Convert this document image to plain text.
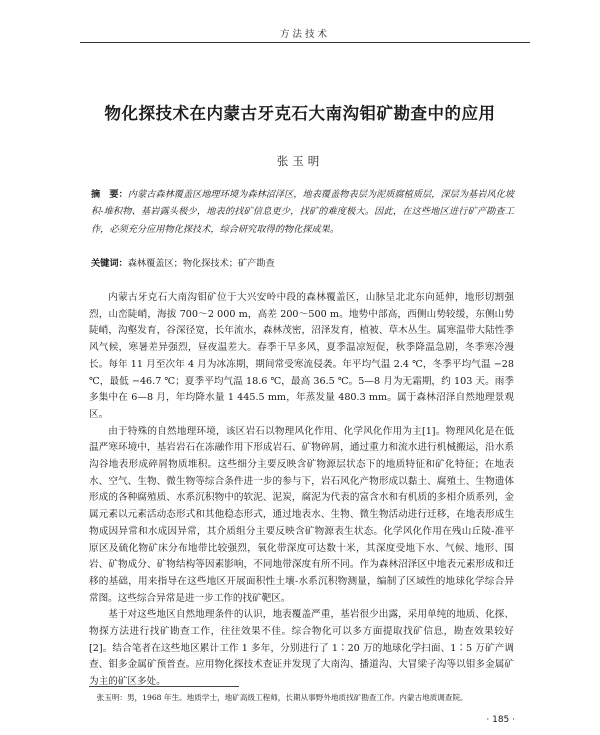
方法技术
物化探技术在内蒙古牙克石大南沟钼矿勘查中的应用
张玉明
摘　要：内蒙古森林覆盖区地理环境为森林沼泽区，地表覆盖物表层为泥质腐植质层，深层为基岩风化坡积-堆积物、基岩露头极少，地表的找矿信息更少，找矿的难度极大。因此，在这些地区进行矿产勘查工作，必须充分应用物化探技术，综合研究取得的物化探成果。
关键词：森林覆盖区；物化探技术；矿产勘查

内蒙古牙克石大南沟钼矿位于大兴安岭中段的森林覆盖区，山脉呈北北东向延伸，地形切割强烈，山峦陡峭，海拔 700～2 000 m，高差 200～500 m。地势中部高，西侧山势较缓，东侧山势陡峭，沟壑发育，谷深径宽，长年流水，森林茂密，沼泽发育，植被、草木丛生。属寒温带大陆性季风气候，寒暑差异强烈，昼夜温差大。春季干旱多风，夏季温凉短促，秋季降温急剧，冬季寒冷漫长。每年 11 月至次年 4 月为冰冻期，期间常受寒流侵袭。年平均气温 2.4 ℃，冬季平均气温 −28 ℃，最低 −46.7 ℃；夏季平均气温 18.6 ℃，最高 36.5 ℃。5—8 月为无霜期，约 103 天。雨季多集中在 6—8 月，年均降水量 1 445.5 mm，年蒸发量 480.3 mm。属于森林沼泽自然地理景观区。

由于特殊的自然地理环境，该区岩石以物理风化作用、化学风化作用为主[1]。物理风化是在低温严寒环境中，基岩岩石在冻融作用下形成岩石、矿物碎屑，通过重力和流水进行机械搬运，沿水系沟谷地表形成碎屑物质堆积。这些细分主要反映含矿物源层状态下的地质特征和矿化特征；在地表水、空气、生物、微生物等综合条件进一步的参与下，岩石风化产物形成以黏土、腐殖土、生物遗体形成的各种腐殖质、水系沉积物中的软泥、泥炭，腐泥为代表的富含水和有机质的多相介质系列，金属元素以元素活动态形式和其他稳态形式，通过地表水、生物、微生物活动进行迁移，在地表形成生物成因异常和水成因异常，其介质组分主要反映含矿物源表生状态。化学风化作用在残山丘陵-准平原区及硫化物矿床分布地带比较强烈，氧化带深度可达数十米，其深度受地下水、气候、地形、围岩、矿物成分、矿物结构等因素影响，不同地带深度有所不同。作为森林沼泽区中地表元素形成和迁移的基础，用来指导在这些地区开展面积性土壤-水系沉积物测量，编制了区域性的地球化学综合异常图。这些综合异常是进一步工作的找矿靶区。

基于对这些地区自然地理条件的认识，地表覆盖严重，基岩很少出露，采用单纯的地质、化探、物探方法进行找矿勘查工作，往往效果不佳。综合物化可以多方面提取找矿信息，勘查效果较好[2]。结合笔者在这些地区累计工作 1 多年，分别进行了 1∶20 万的地球化学扫面、1∶5 万矿产调查、钼多金属矿预普查。应用物化探技术查证并发现了大南沟、播道沟、大冒梁子沟等以钼多金属矿为主的矿区多处。

张玉明：男，1968 年生。地质学士，地矿高级工程师，长期从事野外地质找矿勘查工作。内蒙古地质调查院。
· 185 ·
